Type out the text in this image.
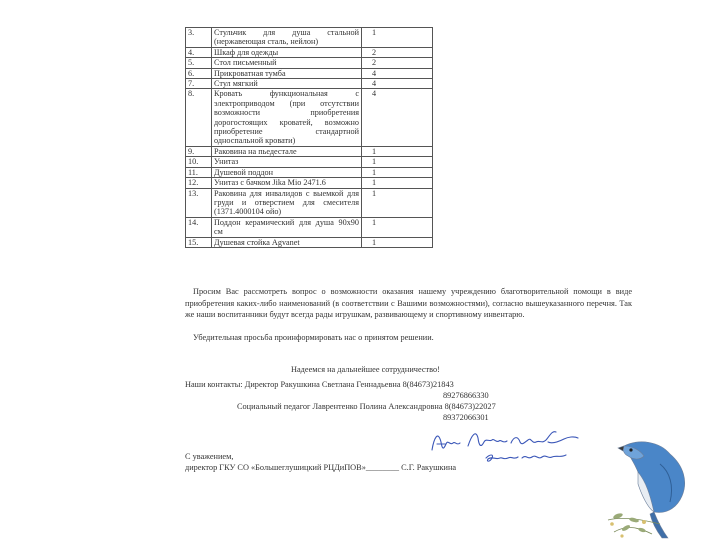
3.	Стульчик для душа стальной (нержавеющая сталь, нейлон)	1
4.	Шкаф для одежды	2
5.	Стол письменный	2
6.	Прикроватная тумба	4
7.	Стул мягкий	4
8.	Кровать функциональная с электроприводом (при отсутствии возможности приобретения дорогостоящих кроватей, возможно приобретение стандартной односпальной кровати)	4
9.	Раковина на пьедестале	1
10.	Унитаз	1
11.	Душевой поддон	1
12.	Унитаз с бачком Jika Mio 2471.6	1
13.	Раковина для инвалидов с выемкой для груди и отверстием для смесителя (1371.4000104 ойо)	1
14.	Поддон керамический для душа 90х90 см	1
15.	Душевая стойка Agvanet	1

Просим Вас рассмотреть вопрос о возможности оказания нашему учреждению благотворительной помощи в виде приобретения каких-либо наименований (в соответствии с Вашими возможностями), согласно вышеуказанного перечня. Так же наши воспитанники будут всегда рады игрушкам, развивающему и спортивному инвентарю.

Убедительная просьба проинформировать нас о принятом решении.

Надеемся на дальнейшее сотрудничество!

Наши контакты: Директор Ракушкина Светлана Геннадьевна 8(84673)21843

89276866330

Социальный педагог Лаврентенко Полина Александровна 8(84673)22027

89372066301

С уважением,

директор ГКУ СО «Большеглушицкий РЦДиПОВ»________ С.Г. Ракушкина
